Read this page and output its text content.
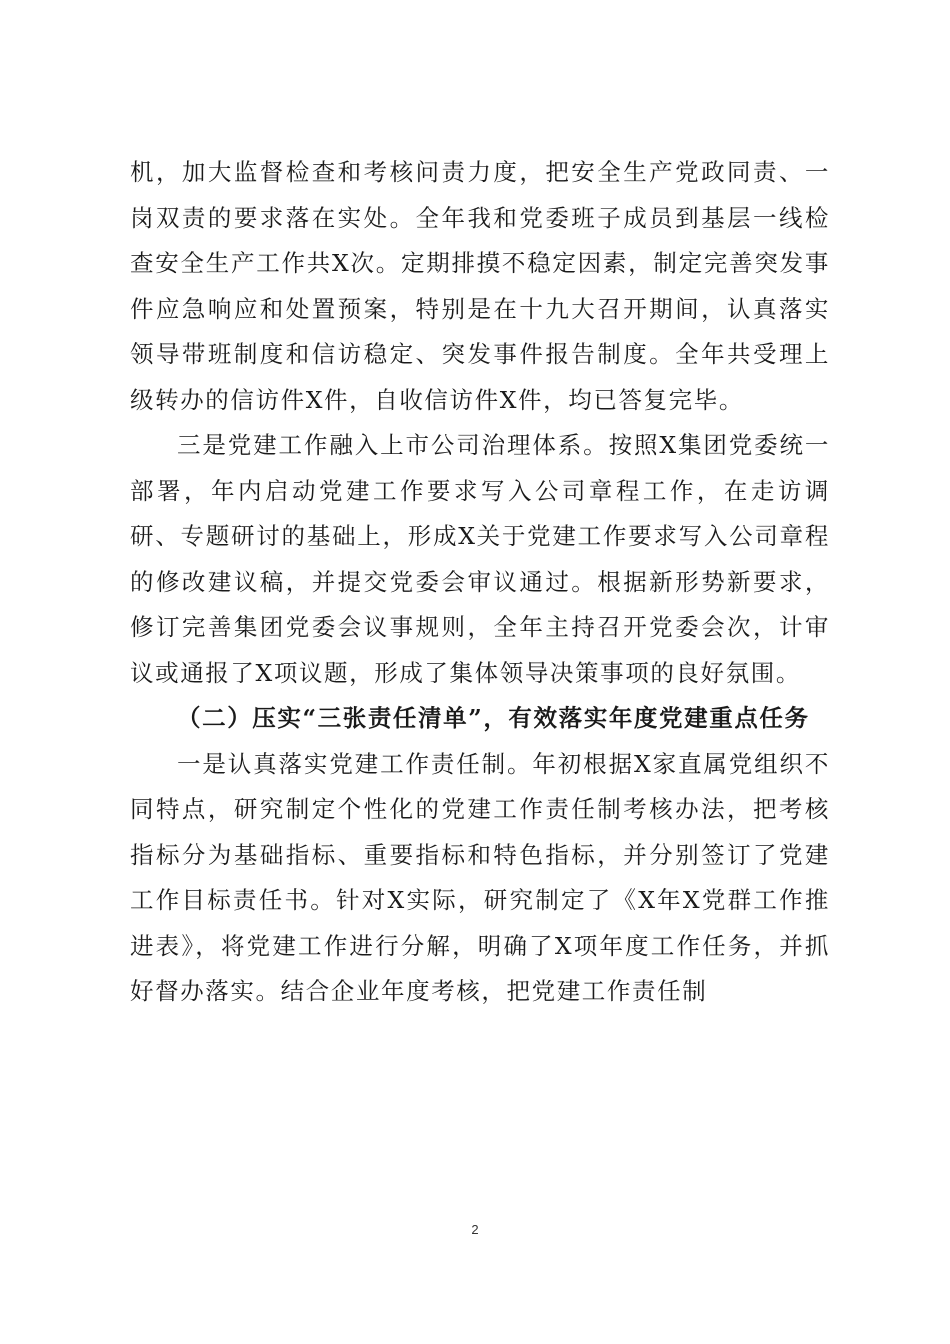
机，加大监督检查和考核问责力度，把安全生产党政同责、一岗双责的要求落在实处。全年我和党委班子成员到基层一线检查安全生产工作共X次。定期排摸不稳定因素，制定完善突发事件应急响应和处置预案，特别是在十九大召开期间，认真落实领导带班制度和信访稳定、突发事件报告制度。全年共受理上级转办的信访件X件，自收信访件X件，均已答复完毕。

三是党建工作融入上市公司治理体系。按照X集团党委统一部署，年内启动党建工作要求写入公司章程工作，在走访调研、专题研讨的基础上，形成X关于党建工作要求写入公司章程的修改建议稿，并提交党委会审议通过。根据新形势新要求，修订完善集团党委会议事规则，全年主持召开党委会次，计审议或通报了X项议题，形成了集体领导决策事项的良好氛围。

（二）压实“三张责任清单”，有效落实年度党建重点任务

一是认真落实党建工作责任制。年初根据X家直属党组织不同特点，研究制定个性化的党建工作责任制考核办法，把考核指标分为基础指标、重要指标和特色指标，并分别签订了党建工作目标责任书。针对X实际，研究制定了《X年X党群工作推进表》，将党建工作进行分解，明确了X项年度工作任务，并抓好督办落实。结合企业年度考核，把党建工作责任制

2
